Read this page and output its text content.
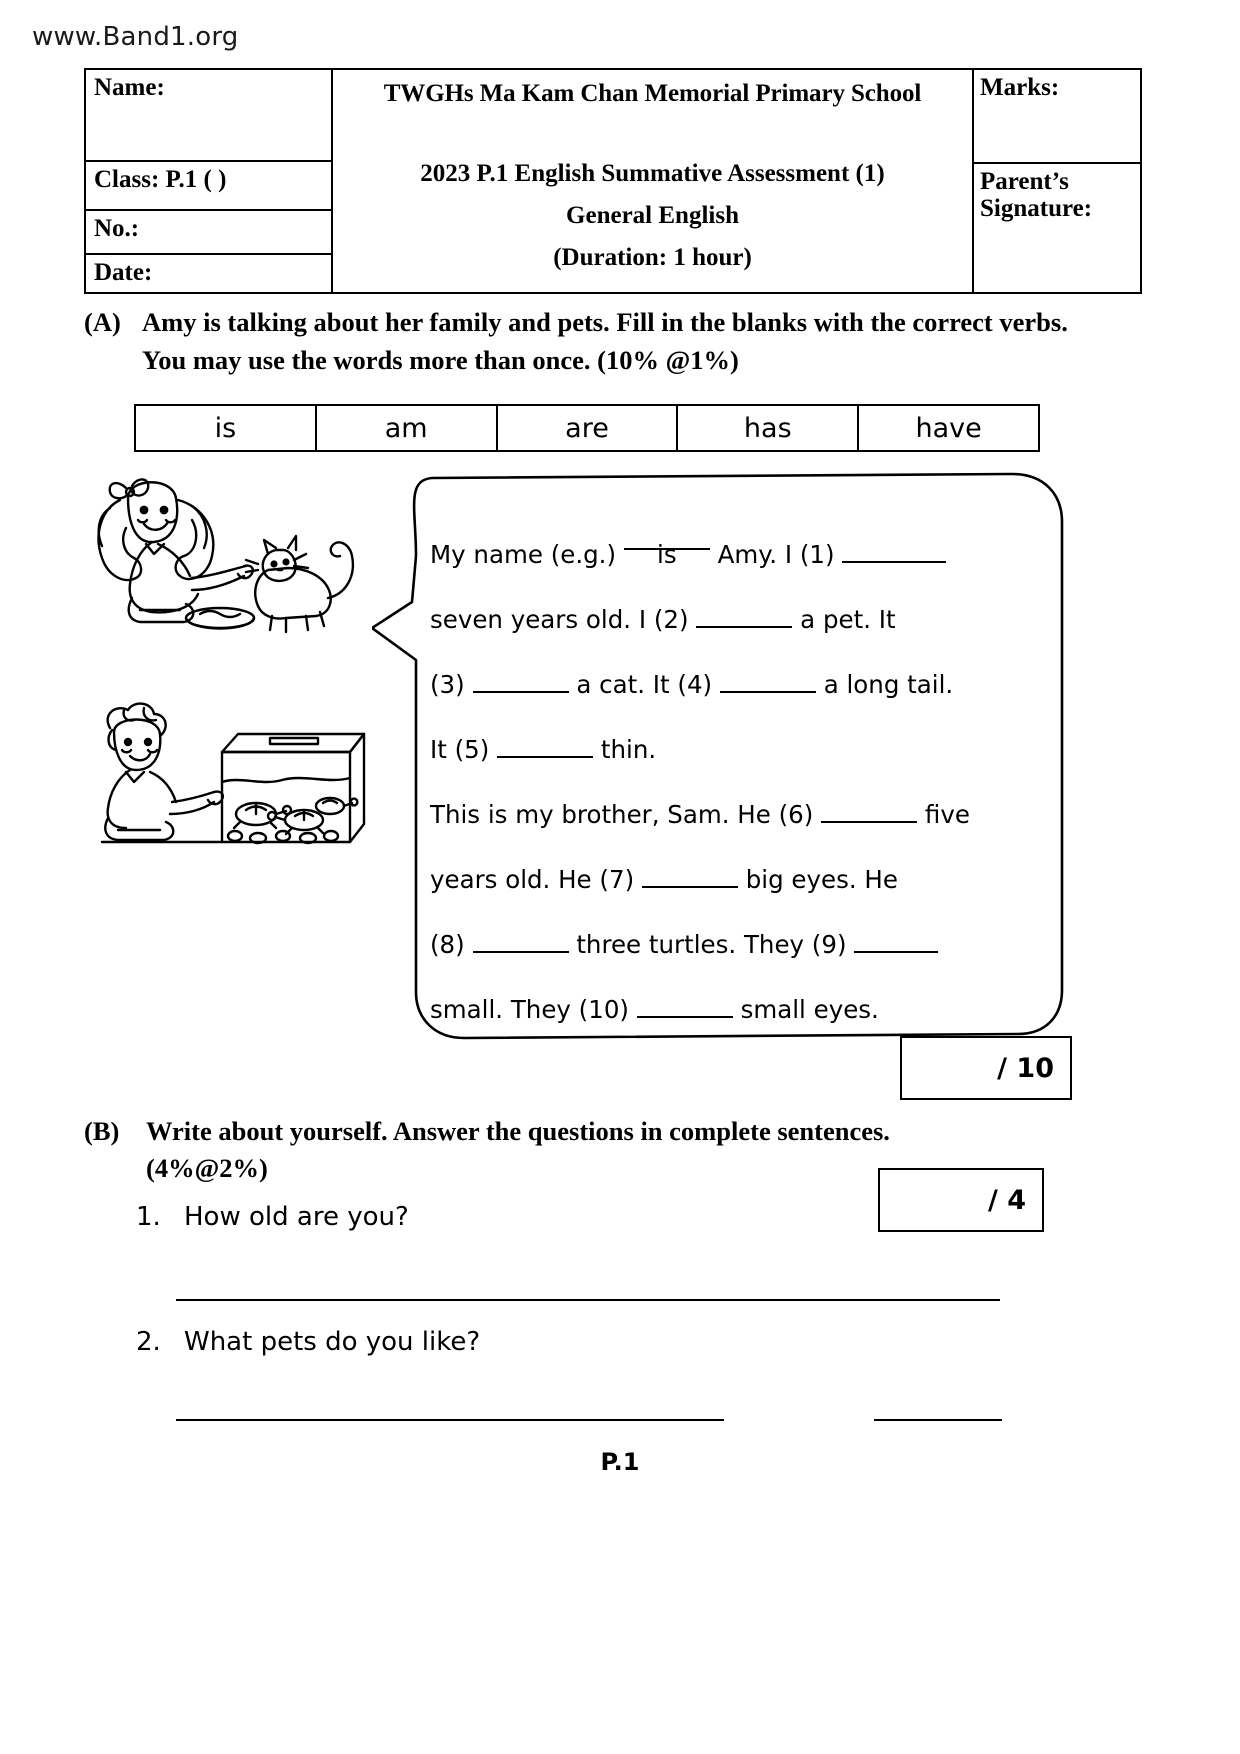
www.Band1.org
Name:
Class: P.1 ( )
No.:
Date:
TWGHs Ma Kam Chan Memorial Primary School
2023 P.1 English Summative Assessment (1)
General English
(Duration: 1 hour)
Marks:
Parent’s Signature:
(A) Amy is talking about her family and pets. Fill in the blanks with the correct verbs. You may use the words more than once. (10% @1%)
is	am	are	has	have
My name (e.g.) is Amy. I (1)
seven years old. I (2)	a pet. It
(3)	a cat. It (4)	a long tail.
It (5)	thin.
This is my brother, Sam. He (6)	five
years old. He (7)	big eyes. He
(8)	three turtles. They (9)
small. They (10)	small eyes.
/ 10
(B) Write about yourself. Answer the questions in complete sentences.
(4%@2%)
/ 4
1. How old are you?
2. What pets do you like?
P.1
